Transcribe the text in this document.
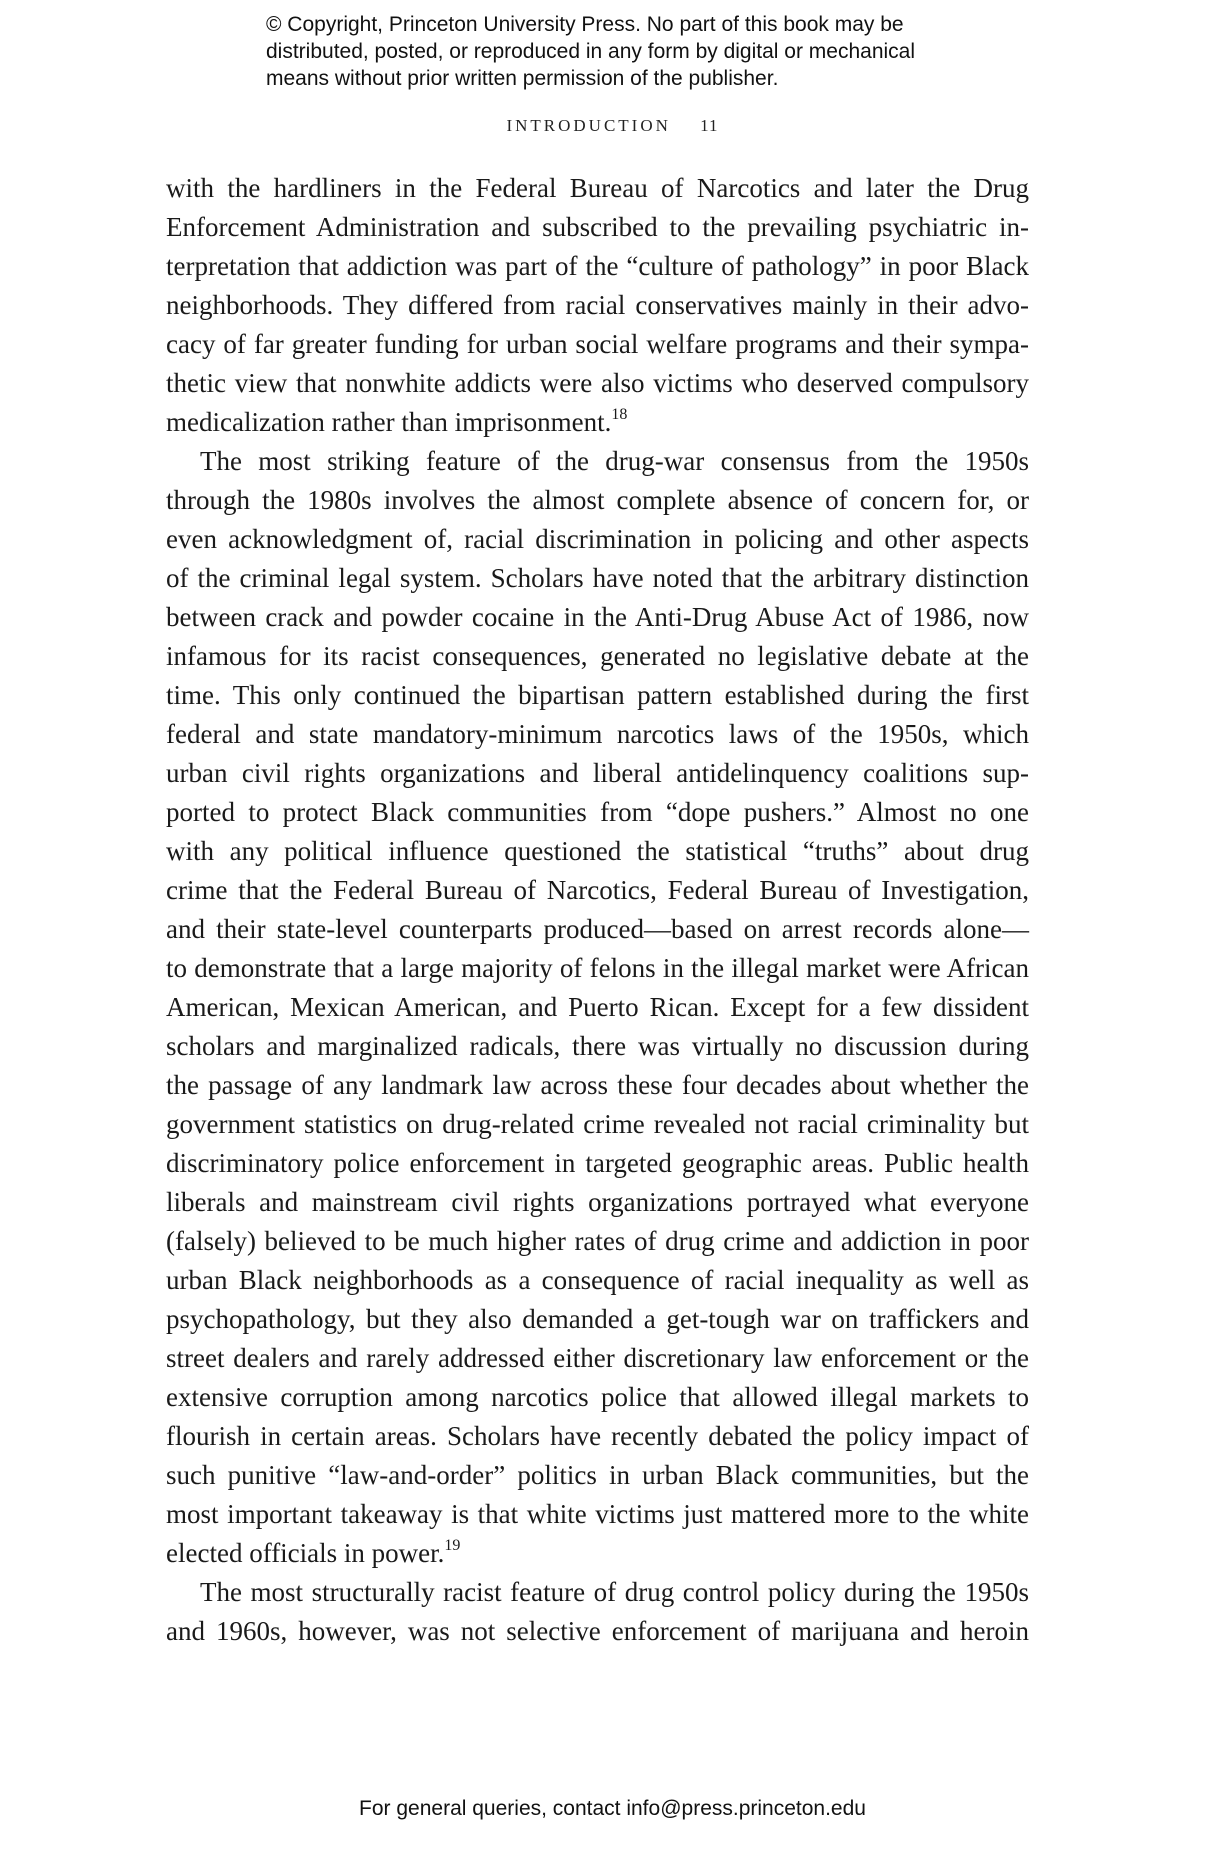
© Copyright, Princeton University Press. No part of this book may be
distributed, posted, or reproduced in any form by digital or mechanical
means without prior written permission of the publisher.
INTRODUCTION 11
with the hardliners in the Federal Bureau of Narcotics and later the Drug
Enforcement Administration and subscribed to the prevailing psychiatric in-
terpretation that addiction was part of the “culture of pathology” in poor Black
neighborhoods. They differed from racial conservatives mainly in their advo-
cacy of far greater funding for urban social welfare programs and their sympa-
thetic view that nonwhite addicts were also victims who deserved compulsory
medicalization rather than imprisonment.$^{18}$
The most striking feature of the drug-war consensus from the 1950s
through the 1980s involves the almost complete absence of concern for, or
even acknowledgment of, racial discrimination in policing and other aspects
of the criminal legal system. Scholars have noted that the arbitrary distinction
between crack and powder cocaine in the Anti-Drug Abuse Act of 1986, now
infamous for its racist consequences, generated no legislative debate at the
time. This only continued the bipartisan pattern established during the first
federal and state mandatory-minimum narcotics laws of the 1950s, which
urban civil rights organizations and liberal antidelinquency coalitions sup-
ported to protect Black communities from “dope pushers.” Almost no one
with any political influence questioned the statistical “truths” about drug
crime that the Federal Bureau of Narcotics, Federal Bureau of Investigation,
and their state-level counterparts produced—based on arrest records alone—
to demonstrate that a large majority of felons in the illegal market were African
American, Mexican American, and Puerto Rican. Except for a few dissident
scholars and marginalized radicals, there was virtually no discussion during
the passage of any landmark law across these four decades about whether the
government statistics on drug-related crime revealed not racial criminality but
discriminatory police enforcement in targeted geographic areas. Public health
liberals and mainstream civil rights organizations portrayed what everyone
(falsely) believed to be much higher rates of drug crime and addiction in poor
urban Black neighborhoods as a consequence of racial inequality as well as
psychopathology, but they also demanded a get-tough war on traffickers and
street dealers and rarely addressed either discretionary law enforcement or the
extensive corruption among narcotics police that allowed illegal markets to
flourish in certain areas. Scholars have recently debated the policy impact of
such punitive “law-and-order” politics in urban Black communities, but the
most important takeaway is that white victims just mattered more to the white
elected officials in power.$^{19}$
The most structurally racist feature of drug control policy during the 1950s
and 1960s, however, was not selective enforcement of marijuana and heroin
For general queries, contact info@press.princeton.edu
